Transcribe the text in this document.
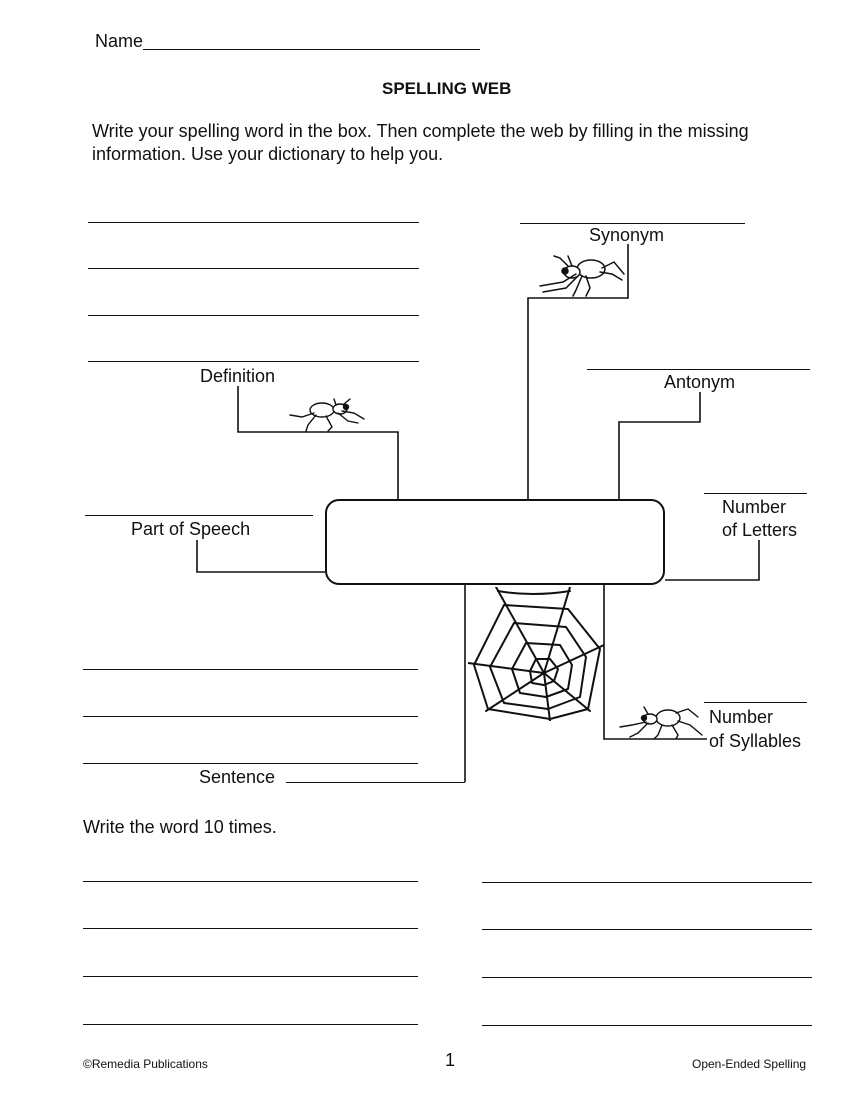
Name
SPELLING WEB
Write your spelling word in the box. Then complete the web by filling in the missing
information. Use your dictionary to help you.
Definition
Synonym
Antonym
Part of Speech
Number
of Letters
Number
of Syllables
Sentence
Write the word 10 times.
©Remedia Publications	1	Open-Ended Spelling
